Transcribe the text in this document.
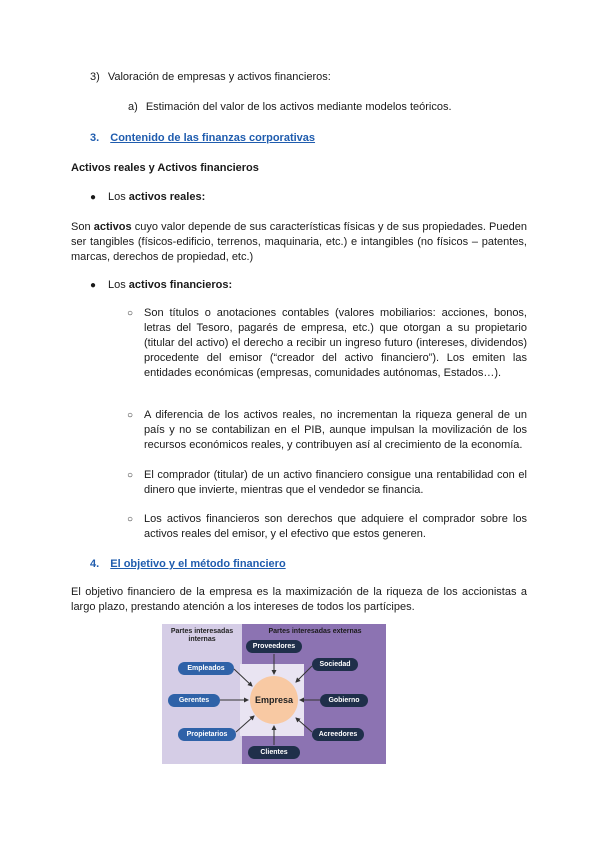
3) Valoración de empresas y activos financieros:
a) Estimación del valor de los activos mediante modelos teóricos.
3. Contenido de las finanzas corporativas
Activos reales y Activos financieros
● Los activos reales:
Son activos cuyo valor depende de sus características físicas y de sus propiedades. Pueden ser tangibles (físicos-edificio, terrenos, maquinaria, etc.) e intangibles (no físicos – patentes, marcas, derechos de propiedad, etc.)
● Los activos financieros:
○ Son títulos o anotaciones contables (valores mobiliarios: acciones, bonos, letras del Tesoro, pagarés de empresa, etc.) que otorgan a su propietario (titular del activo) el derecho a recibir un ingreso futuro (intereses, dividendos) procedente del emisor (“creador del activo financiero”). Los emiten las entidades económicas (empresas, comunidades autónomas, Estados…).
○ A diferencia de los activos reales, no incrementan la riqueza general de un país y no se contabilizan en el PIB, aunque impulsan la movilización de los recursos económicos reales, y contribuyen así al crecimiento de la economía.
○ El comprador (titular) de un activo financiero consigue una rentabilidad con el dinero que invierte, mientras que el vendedor se financia.
○ Los activos financieros son derechos que adquiere el comprador sobre los activos reales del emisor, y el efectivo que estos generen.
4. El objetivo y el método financiero
El objetivo financiero de la empresa es la maximización de la riqueza de los accionistas a largo plazo, prestando atención a los intereses de todos los partícipes.
Partes interesadas internas
Partes interesadas externas
Empresa
Empleados
Gerentes
Propietarios
Proveedores
Sociedad
Gobierno
Acreedores
Clientes
